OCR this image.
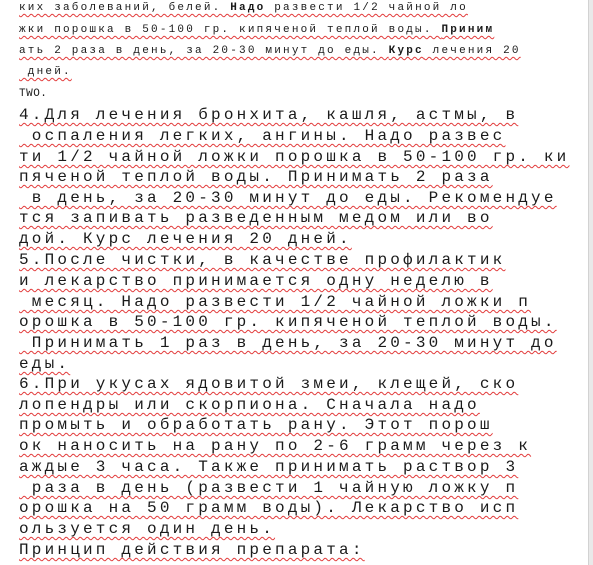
ких заболеваний, белей. Надо развести 1/2 чайной ло
жки порошка в 50-100 гр. кипяченой теплой воды. Приним
ать 2 раза в день, за 20-30 минут до еды. Курс лечения 20
дней.
TWO.
4.Для лечения бронхита, кашля, астмы, в
оспаления легких, ангины. Надо развес
ти 1/2 чайной ложки порошка в 50-100 гр. ки
пяченой теплой воды. Принимать 2 раза
в день, за 20-30 минут до еды. Рекомендуе
тся запивать разведенным медом или во
дой. Курс лечения 20 дней.
5.После чистки, в качестве профилактик
и лекарство принимается одну неделю в
месяц. Надо развести 1/2 чайной ложки п
орошка в 50-100 гр. кипяченой теплой воды.
Принимать 1 раз в день, за 20-30 минут до
еды.
6.При укусах ядовитой змеи, клещей, ско
лопендры или скорпиона. Сначала надо
промыть и обработать рану. Этот порош
ок наносить на рану по 2-6 грамм через к
аждые 3 часа. Также принимать раствор 3
раза в день (развести 1 чайную ложку п
орошка на 50 грамм воды). Лекарство исп
ользуется один день.
Принцип действия препарата:
